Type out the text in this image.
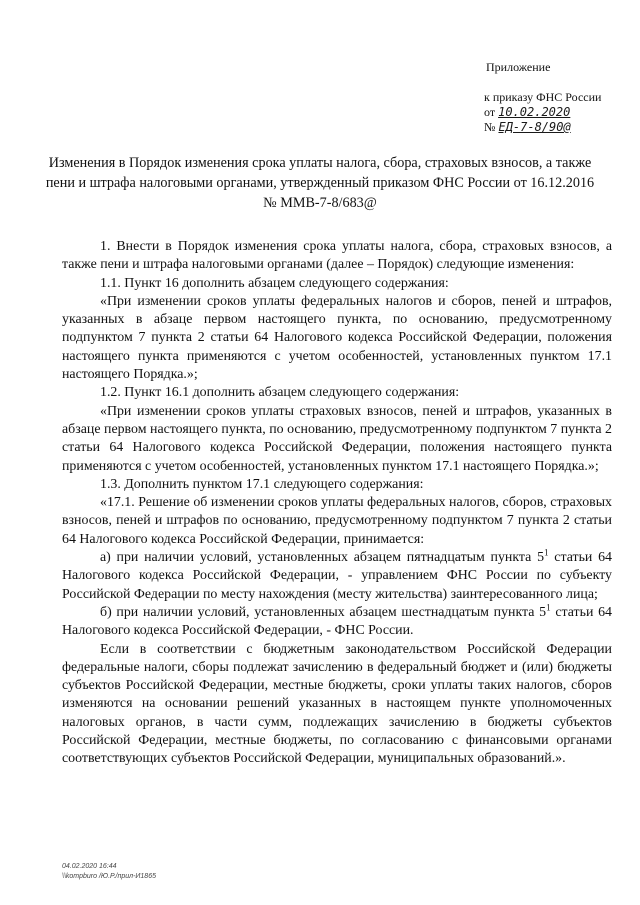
Приложение
к приказу ФНС России
от 10.02.2020
№ ЕД-7-8/90@
Изменения в Порядок изменения срока уплаты налога, сбора, страховых взносов, а также пени и штрафа налоговыми органами, утвержденный приказом ФНС России от 16.12.2016 № ММВ-7-8/683@

1. Внести в Порядок изменения срока уплаты налога, сбора, страховых взносов, а также пени и штрафа налоговыми органами (далее – Порядок) следующие изменения:

1.1. Пункт 16 дополнить абзацем следующего содержания:

«При изменении сроков уплаты федеральных налогов и сборов, пеней и штрафов, указанных в абзаце первом настоящего пункта, по основанию, предусмотренному подпунктом 7 пункта 2 статьи 64 Налогового кодекса Российской Федерации, положения настоящего пункта применяются с учетом особенностей, установленных пунктом 17.1 настоящего Порядка.»;

1.2. Пункт 16.1 дополнить абзацем следующего содержания:

«При изменении сроков уплаты страховых взносов, пеней и штрафов, указанных в абзаце первом настоящего пункта, по основанию, предусмотренному подпунктом 7 пункта 2 статьи 64 Налогового кодекса Российской Федерации, положения настоящего пункта применяются с учетом особенностей, установленных пунктом 17.1 настоящего Порядка.»;

1.3. Дополнить пунктом 17.1 следующего содержания:

«17.1. Решение об изменении сроков уплаты федеральных налогов, сборов, страховых взносов, пеней и штрафов по основанию, предусмотренному подпунктом 7 пункта 2 статьи 64 Налогового кодекса Российской Федерации, принимается:

а) при наличии условий, установленных абзацем пятнадцатым пункта $5^1$ статьи 64 Налогового кодекса Российской Федерации, - управлением ФНС России по субъекту Российской Федерации по месту нахождения (месту жительства) заинтересованного лица;

б) при наличии условий, установленных абзацем шестнадцатым пункта $5^1$ статьи 64 Налогового кодекса Российской Федерации, - ФНС России.

Если в соответствии с бюджетным законодательством Российской Федерации федеральные налоги, сборы подлежат зачислению в федеральный бюджет и (или) бюджеты субъектов Российской Федерации, местные бюджеты, сроки уплаты таких налогов, сборов изменяются на основании решений указанных в настоящем пункте уполномоченных налоговых органов, в части сумм, подлежащих зачислению в бюджеты субъектов Российской Федерации, местные бюджеты, по согласованию с финансовыми органами соответствующих субъектов Российской Федерации, муниципальных образований.».

04.02.2020 16:44
\\kompburo /Ю.Р./прил-И1865
